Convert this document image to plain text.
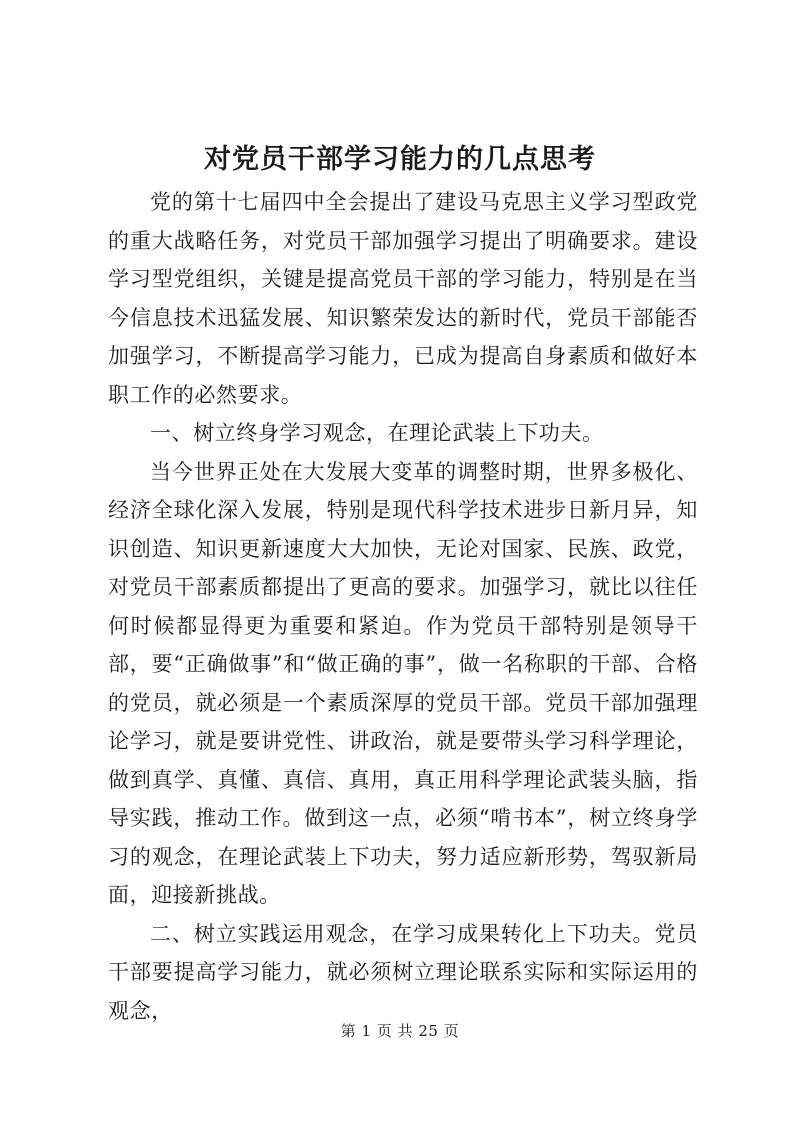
对党员干部学习能力的几点思考

党的第十七届四中全会提出了建设马克思主义学习型政党的重大战略任务，对党员干部加强学习提出了明确要求。建设学习型党组织，关键是提高党员干部的学习能力，特别是在当今信息技术迅猛发展、知识繁荣发达的新时代，党员干部能否加强学习，不断提高学习能力，已成为提高自身素质和做好本职工作的必然要求。

一、树立终身学习观念，在理论武装上下功夫。

当今世界正处在大发展大变革的调整时期，世界多极化、经济全球化深入发展，特别是现代科学技术进步日新月异，知识创造、知识更新速度大大加快，无论对国家、民族、政党，对党员干部素质都提出了更高的要求。加强学习，就比以往任何时候都显得更为重要和紧迫。作为党员干部特别是领导干部，要“正确做事”和“做正确的事”，做一名称职的干部、合格的党员，就必须是一个素质深厚的党员干部。党员干部加强理论学习，就是要讲党性、讲政治，就是要带头学习科学理论，做到真学、真懂、真信、真用，真正用科学理论武装头脑，指导实践，推动工作。做到这一点，必须“啃书本”，树立终身学习的观念，在理论武装上下功夫，努力适应新形势，驾驭新局面，迎接新挑战。

二、树立实践运用观念，在学习成果转化上下功夫。党员干部要提高学习能力，就必须树立理论联系实际和实际运用的观念，

第 1 页 共 25 页
